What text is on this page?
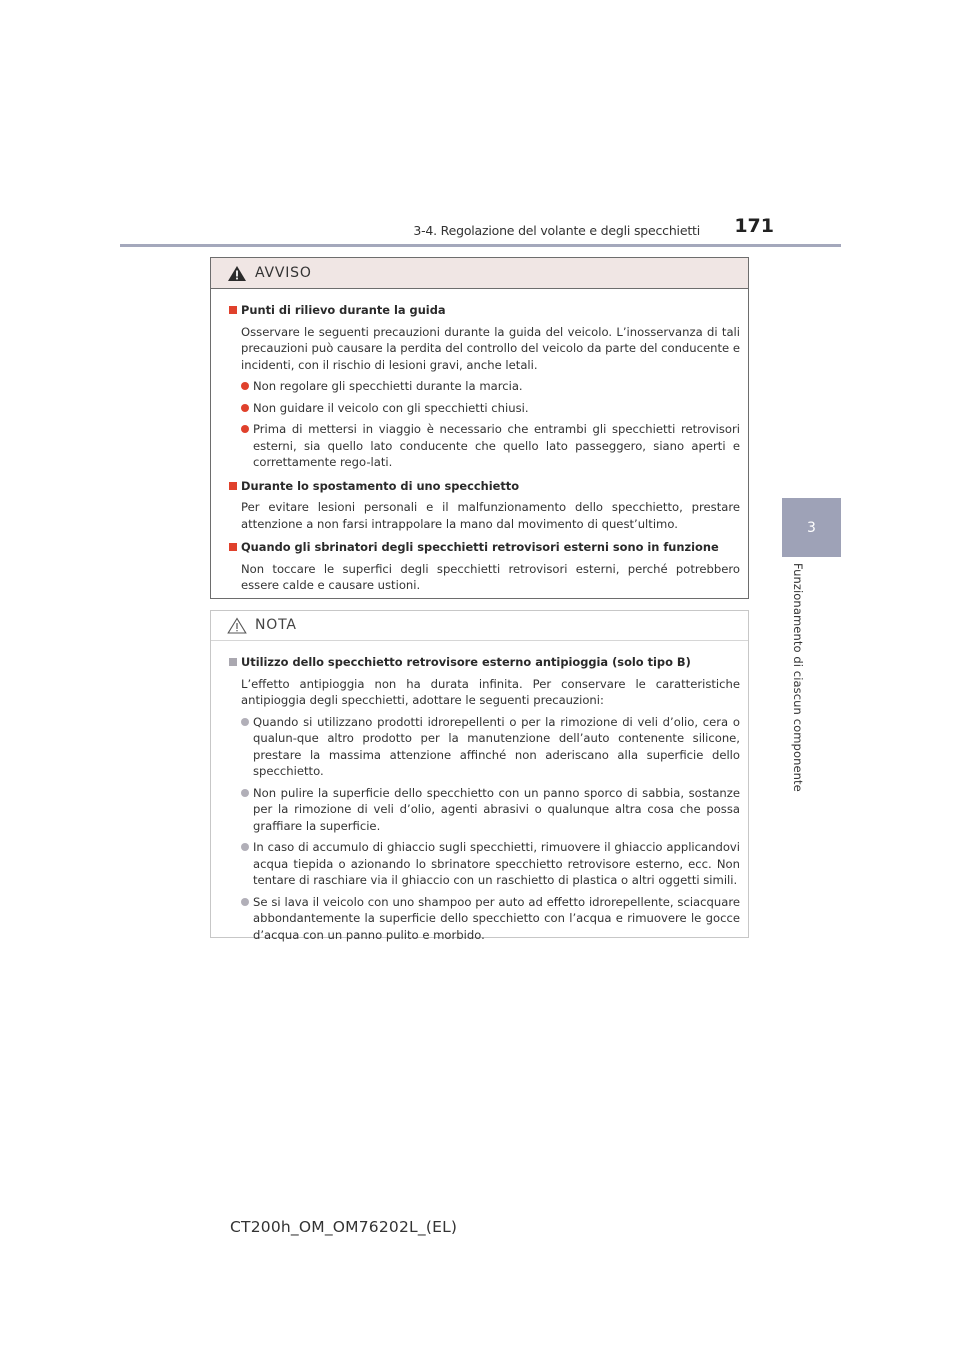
3-4. Regolazione del volante e degli specchietti	171
3
Funzionamento di ciascun componente
AVVISO
Punti di rilievo durante la guida
Osservare le seguenti precauzioni durante la guida del veicolo. L’inosservanza di tali precauzioni può causare la perdita del controllo del veicolo da parte del conducente e incidenti, con il rischio di lesioni gravi, anche letali.
Non regolare gli specchietti durante la marcia.
Non guidare il veicolo con gli specchietti chiusi.
Prima di mettersi in viaggio è necessario che entrambi gli specchietti retrovisori esterni, sia quello lato conducente che quello lato passeggero, siano aperti e correttamente rego-lati.
Durante lo spostamento di uno specchietto
Per evitare lesioni personali e il malfunzionamento dello specchietto, prestare attenzione a non farsi intrappolare la mano dal movimento di quest’ultimo.
Quando gli sbrinatori degli specchietti retrovisori esterni sono in funzione
Non toccare le superfici degli specchietti retrovisori esterni, perché potrebbero essere calde e causare ustioni.
NOTA
Utilizzo dello specchietto retrovisore esterno antipioggia (solo tipo B)
L’effetto antipioggia non ha durata infinita. Per conservare le caratteristiche antipioggia degli specchietti, adottare le seguenti precauzioni:
Quando si utilizzano prodotti idrorepellenti o per la rimozione di veli d’olio, cera o qualun-que altro prodotto per la manutenzione dell’auto contenente silicone, prestare la massima attenzione affinché non aderiscano alla superficie dello specchietto.
Non pulire la superficie dello specchietto con un panno sporco di sabbia, sostanze per la rimozione di veli d’olio, agenti abrasivi o qualunque altra cosa che possa graffiare la superficie.
In caso di accumulo di ghiaccio sugli specchietti, rimuovere il ghiaccio applicandovi acqua tiepida o azionando lo sbrinatore specchietto retrovisore esterno, ecc. Non tentare di raschiare via il ghiaccio con un raschietto di plastica o altri oggetti simili.
Se si lava il veicolo con uno shampoo per auto ad effetto idrorepellente, sciacquare abbondantemente la superficie dello specchietto con l’acqua e rimuovere le gocce d’acqua con un panno pulito e morbido.
CT200h_OM_OM76202L_(EL)
